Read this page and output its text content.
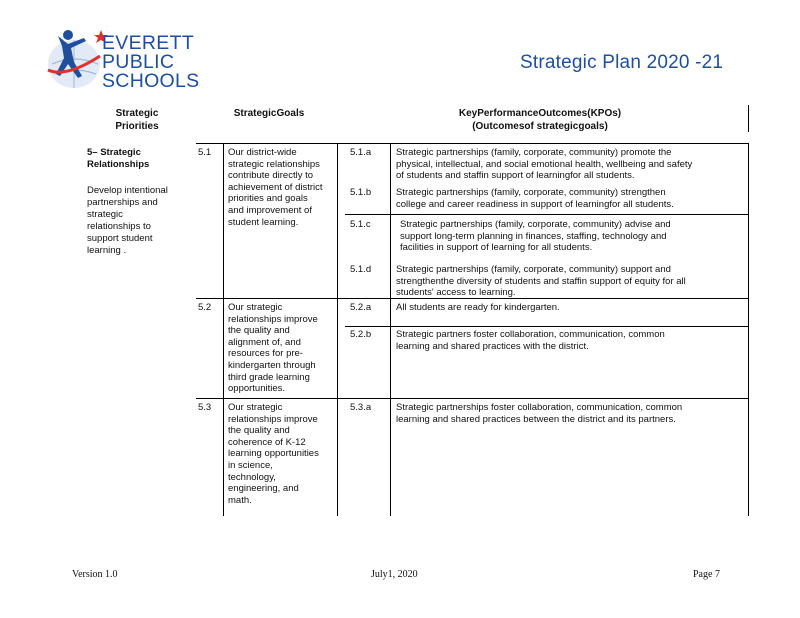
EVERETT
PUBLIC
SCHOOLS
Strategic Plan 2020 -21
Strategic
Priorities
StrategicGoals	KeyPerformanceOutcomes(KPOs)
(Outcomesof strategicgoals)
5– Strategic
Relationships
Develop intentional
partnerships and
strategic
relationships to
support student
learning .
5.1 Our district-wide
strategic relationships
contribute directly to
achievement of district
priorities and goals
and improvement of
student learning.
5.1.a	Strategic partnerships (family, corporate, community) promote the
physical, intellectual, and social emotional health, wellbeing and safety
of students and staffin support of learningfor all students.
5.1.b	Strategic partnerships (family, corporate, community) strengthen
college and career readiness in support of learningfor all students.
5.1.c	Strategic partnerships (family, corporate, community) advise and
support long-term planning in finances, staffing, technology and
facilities in support of learning for all students.
5.1.d	Strategic partnerships (family, corporate, community) support and
strengthenthe diversity of students and staffin support of equity for all
students' access to learning.
5.2 Our strategic
relationships improve
the quality and
alignment of, and
resources for pre-
kindergarten through
third grade learning
opportunities.
5.2.a	All students are ready for kindergarten.
5.2.b	Strategic partners foster collaboration, communication, common
learning and shared practices with the district.
5.3 Our strategic
relationships improve
the quality and
coherence of K-12
learning opportunities
in science,
technology,
engineering, and
math.
5.3.a	Strategic partnerships foster collaboration, communication, common
learning and shared practices between the district and its partners.
Version 1.0	July1, 2020	Page 7
